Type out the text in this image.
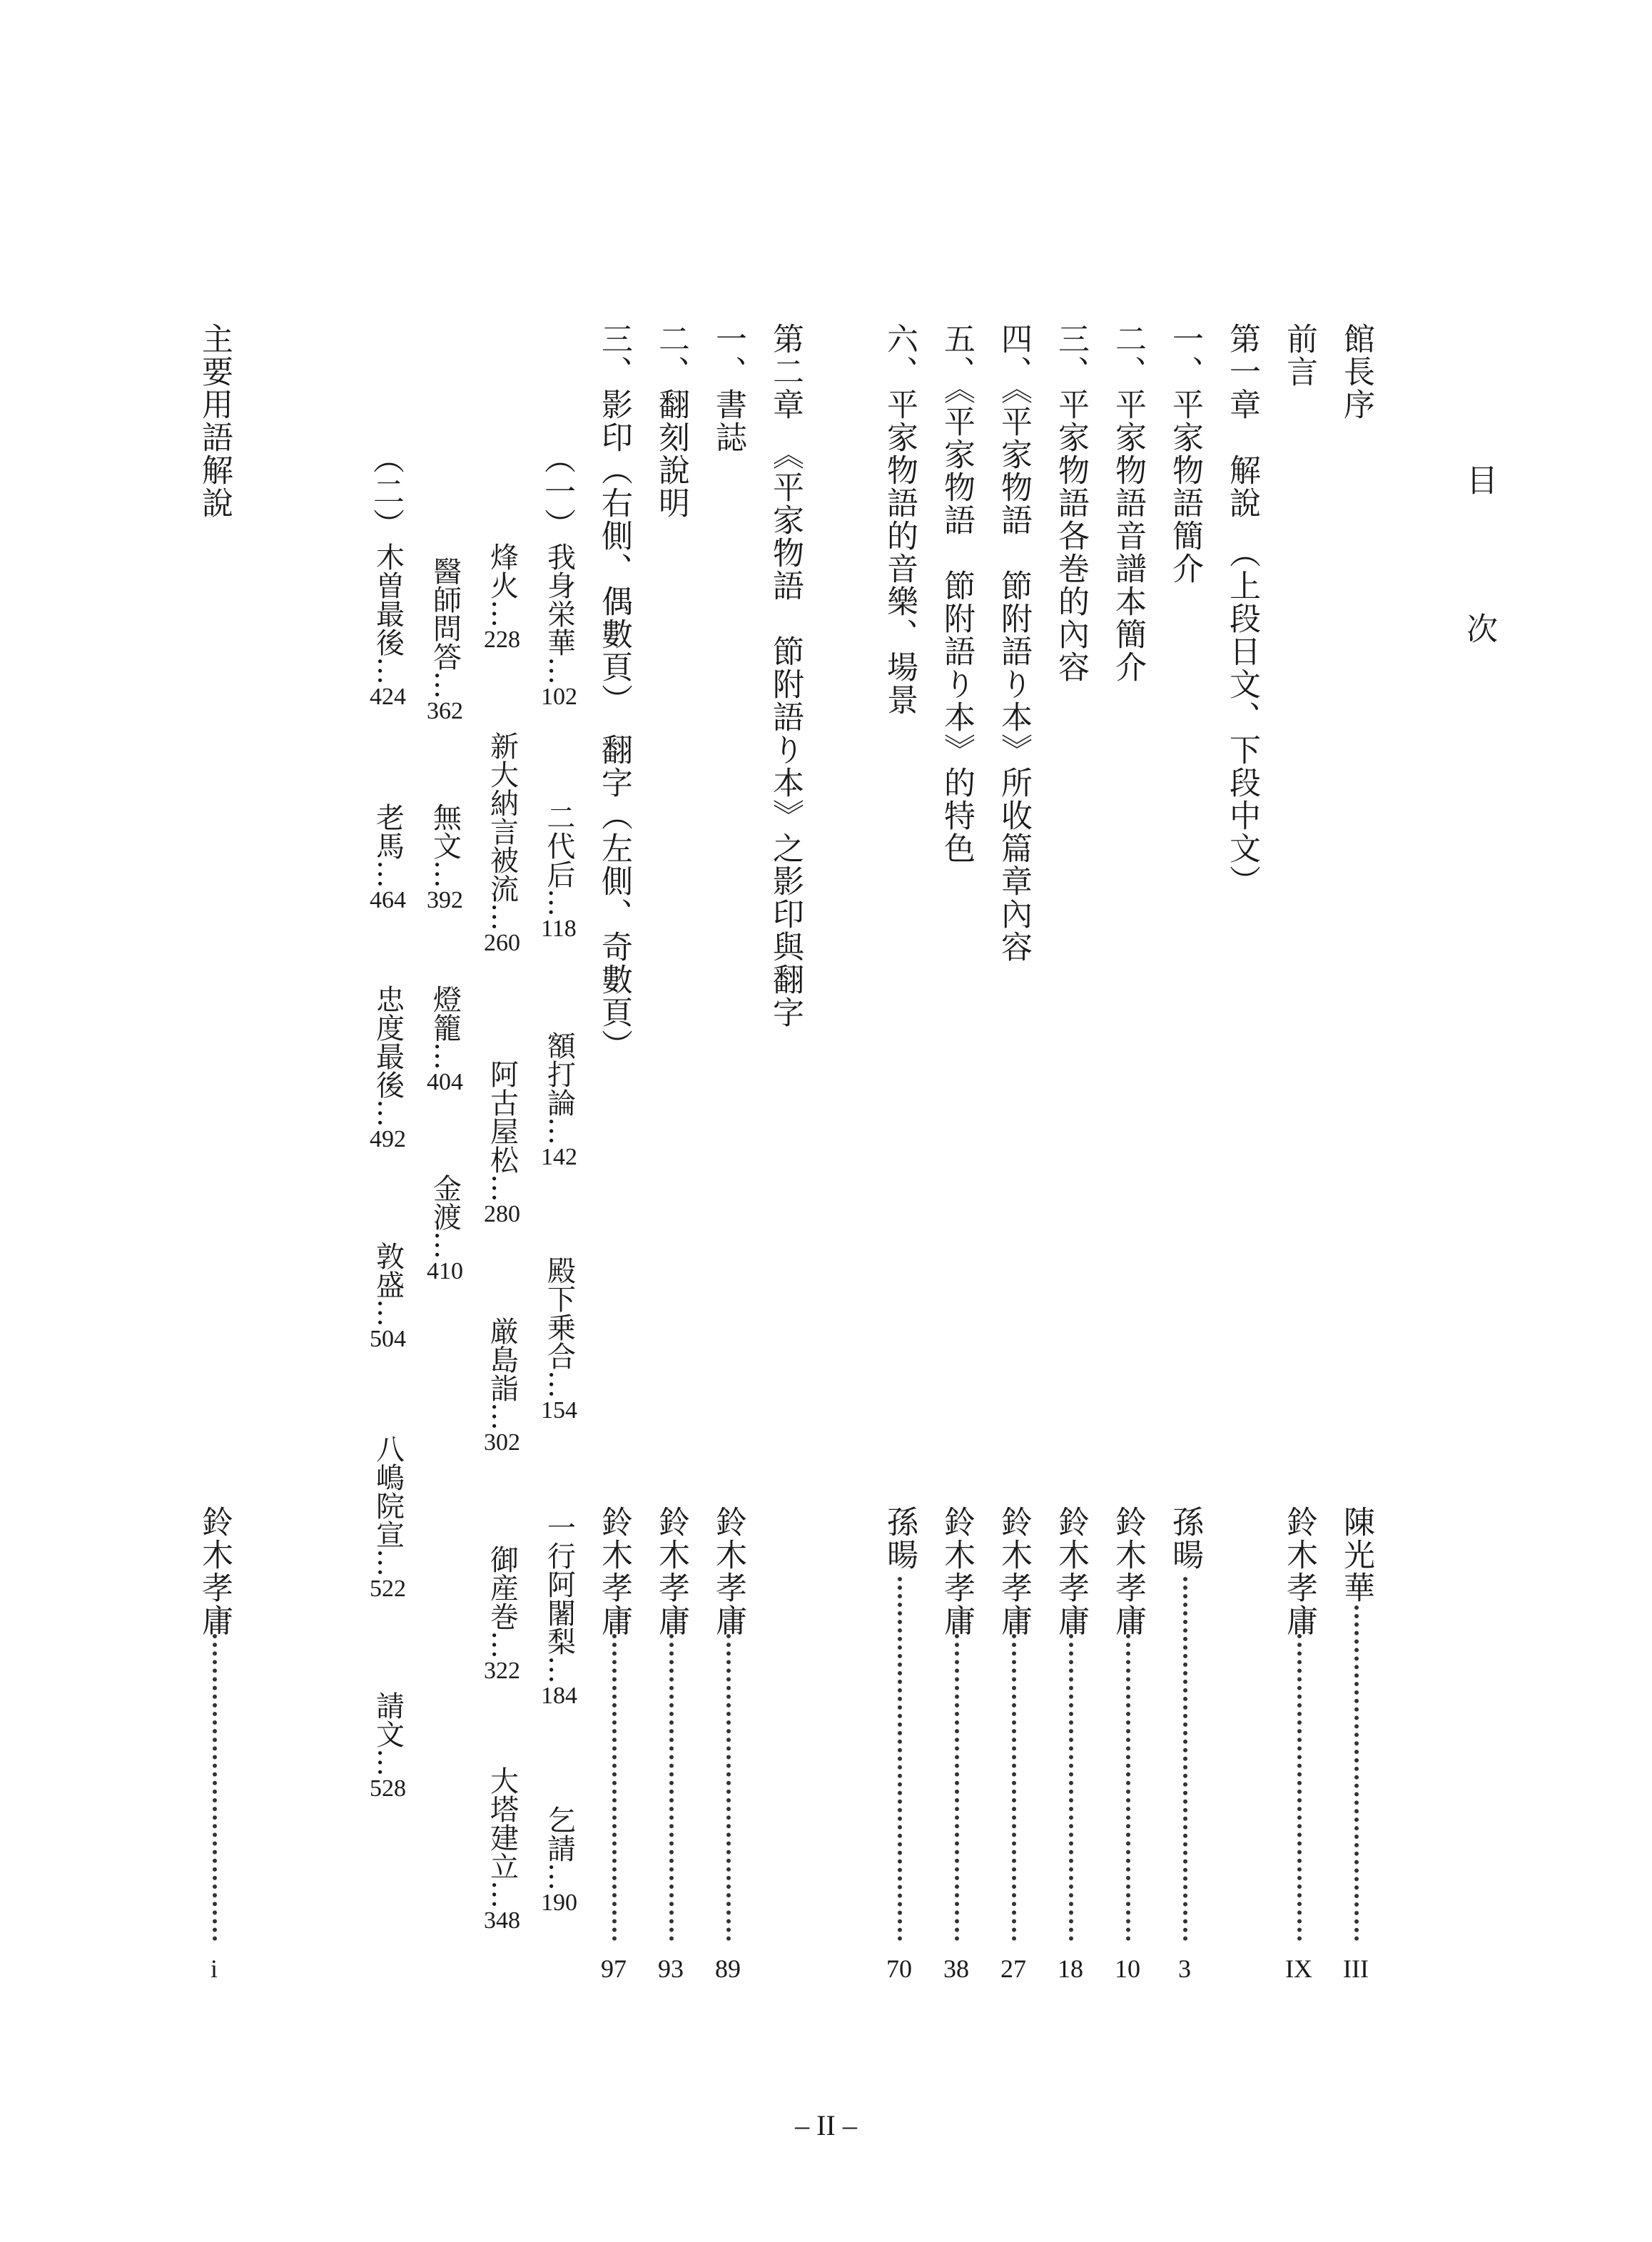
目　次
館長序
前言
第一章　解說　（上段日文、下段中文）
一、平家物語簡介
二、平家物語音譜本簡介
三、平家物語各巻的內容
四、《平家物語　節附語り本》所收篇章內容
五、《平家物語　節附語り本》的特色
六、平家物語的音樂、場景
第二章　《平家物語　節附語り本》之影印與翻字
一、書誌
二、翻刻說明
三、影印（右側、偶數頁）　翻字（左側、奇數頁）
（一）
（二）
主要用語解說
我身栄華…102
二代后…118
額打論…142
殿下乗合…154
一行阿闍梨…184
乞請…190
烽火…228
新大納言被流…260
阿古屋松…280
厳島詣…302
御産巻…322
大塔建立…348
醫師問答…362
無文…392
燈籠…404
金渡…410
木曽最後…424
老馬…464
忠度最後…492
敦盛…504
八嶋院宣…522
請文…528
陳光華
鈴木孝庸
孫暘
鈴木孝庸
鈴木孝庸
鈴木孝庸
鈴木孝庸
孫暘
鈴木孝庸
鈴木孝庸
鈴木孝庸
鈴木孝庸
III
IX
3
10
18
27
38
70
89
93
97
i
– II –
